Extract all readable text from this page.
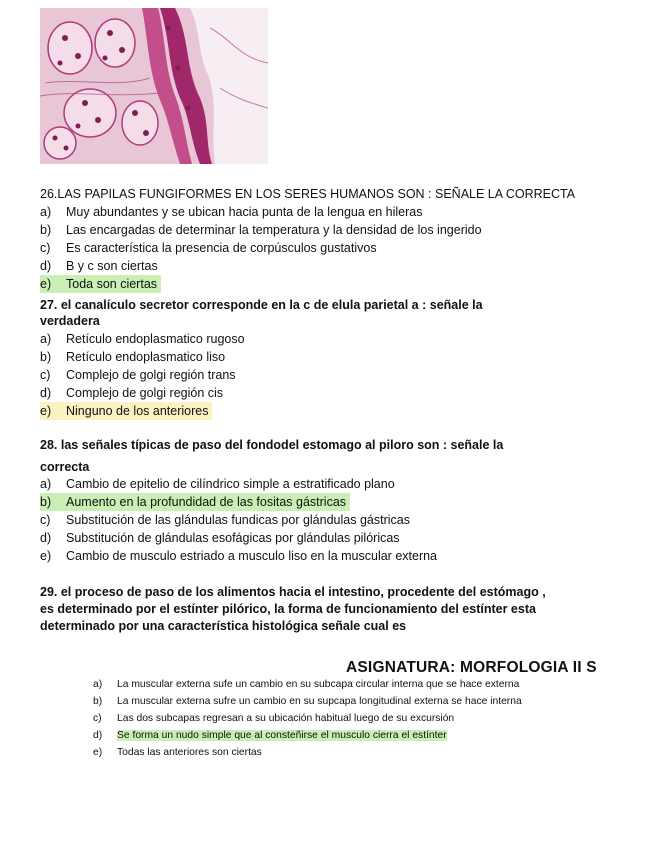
26.LAS PAPILAS FUNGIFORMES EN LOS SERES HUMANOS SON : SEÑALE LA CORRECTA
a) Muy abundantes y se ubican hacia punta de la lengua en hileras
b) Las encargadas de determinar la temperatura y la densidad de los ingerido
c) Es característica la presencia de corpúsculos gustativos
d) B y c son ciertas
e) Toda son ciertas
27. el canalículo secretor corresponde en la c de elula parietal a : señale la
verdadera
a) Retículo endoplasmatico rugoso
b) Retículo endoplasmatico liso
c) Complejo de golgi región trans
d) Complejo de golgi región cis
e) Ninguno de los anteriores
28. las señales típicas de paso del fondodel estomago al piloro son : señale la
correcta
a) Cambio de epitelio de cilíndrico simple a estratificado plano
b) Aumento en la profundidad de las fositas gástricas
c) Substitución de las glándulas fundicas por glándulas gástricas
d) Substitución de glándulas esofágicas por glándulas pilóricas
e) Cambio de musculo estriado a musculo liso en la muscular externa
29. el proceso de paso de los alimentos hacia el intestino, procedente del estómago ,
es determinado por el estínter pilórico, la forma de funcionamiento del estínter esta
determinado por una característica histológica señale cual es
ASIGNATURA: MORFOLOGIA II S
a)	La muscular externa sufe un cambio en su subcapa circular interna que se hace externa
b)	La muscular externa sufre un cambio en su supcapa longitudinal externa se hace interna
c)	Las dos subcapas regresan a su ubicación habitual luego de su excursión
d)	Se forma un nudo simple que al consteñirse el musculo cierra el estínter
e)	Todas las anteriores son ciertas
